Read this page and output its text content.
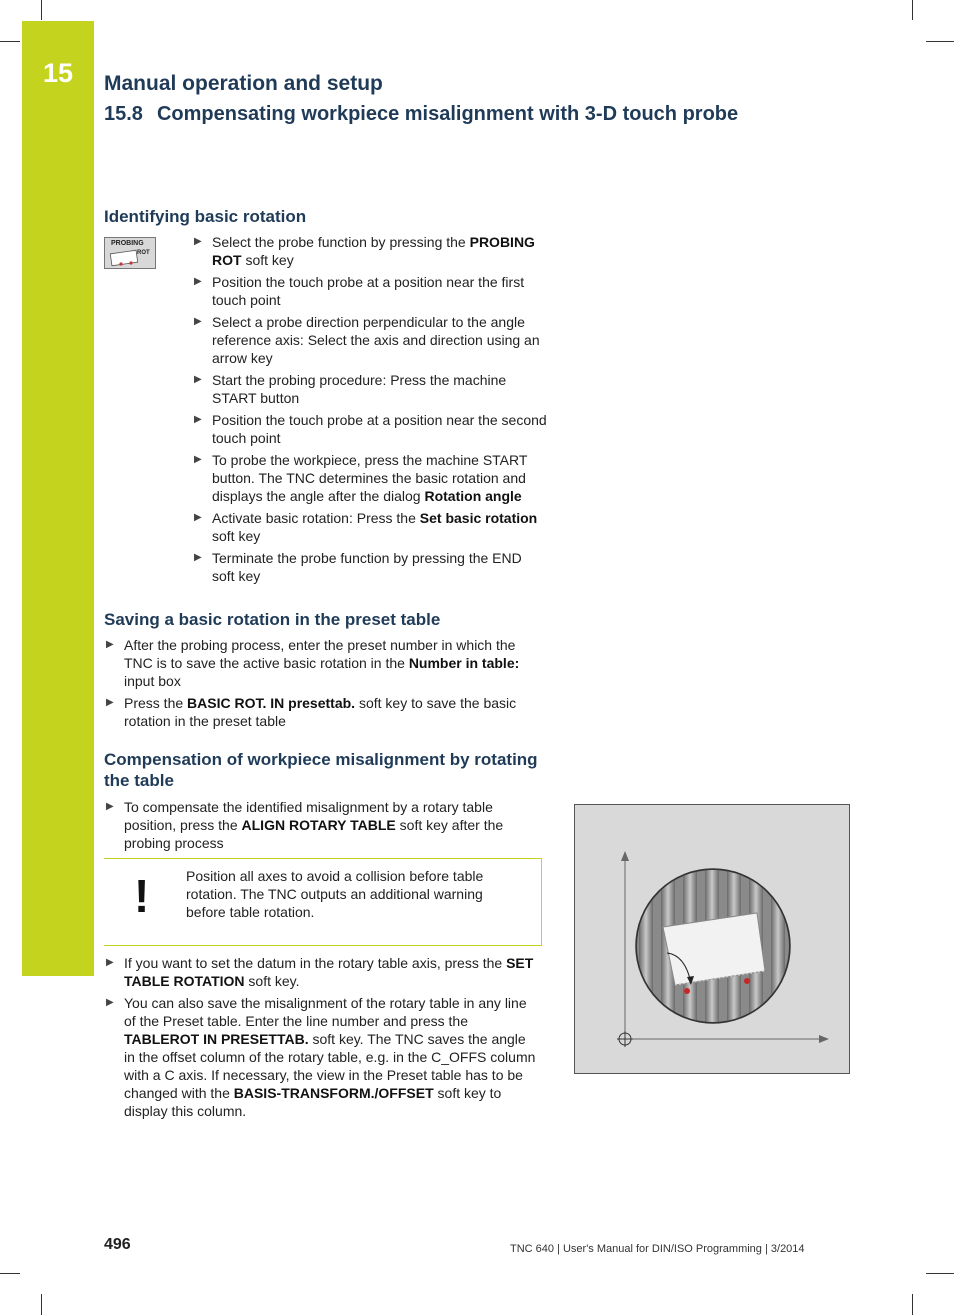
15	Manual operation and setup
15.8 Compensating workpiece misalignment with 3-D touch probe
Identifying basic rotation
PROBING
ROT
▶ Select the probe function by pressing the PROBING ROT soft key
▶ Position the touch probe at a position near the first touch point
▶ Select a probe direction perpendicular to the angle reference axis: Select the axis and direction using an arrow key
▶ Start the probing procedure: Press the machine START button
▶ Position the touch probe at a position near the second touch point
▶ To probe the workpiece, press the machine START button. The TNC determines the basic rotation and displays the angle after the dialog Rotation angle
▶ Activate basic rotation: Press the Set basic rotation soft key
▶ Terminate the probe function by pressing the END soft key
Saving a basic rotation in the preset table
▶ After the probing process, enter the preset number in which the TNC is to save the active basic rotation in the Number in table: input box
▶ Press the BASIC ROT. IN presettab. soft key to save the basic rotation in the preset table
Compensation of workpiece misalignment by rotating the table
▶ To compensate the identified misalignment by a rotary table position, press the ALIGN ROTARY TABLE soft key after the probing process
!	Position all axes to avoid a collision before table rotation. The TNC outputs an additional warning before table rotation.
▶ If you want to set the datum in the rotary table axis, press the SET TABLE ROTATION soft key.
▶ You can also save the misalignment of the rotary table in any line of the Preset table. Enter the line number and press the TABLEROT IN PRESETTAB. soft key. The TNC saves the angle in the offset column of the rotary table, e.g. in the C_OFFS column with a C axis. If necessary, the view in the Preset table has to be changed with the BASIS-TRANSFORM./OFFSET soft key to display this column.
496	TNC 640 | User's Manual for DIN/ISO Programming | 3/2014
